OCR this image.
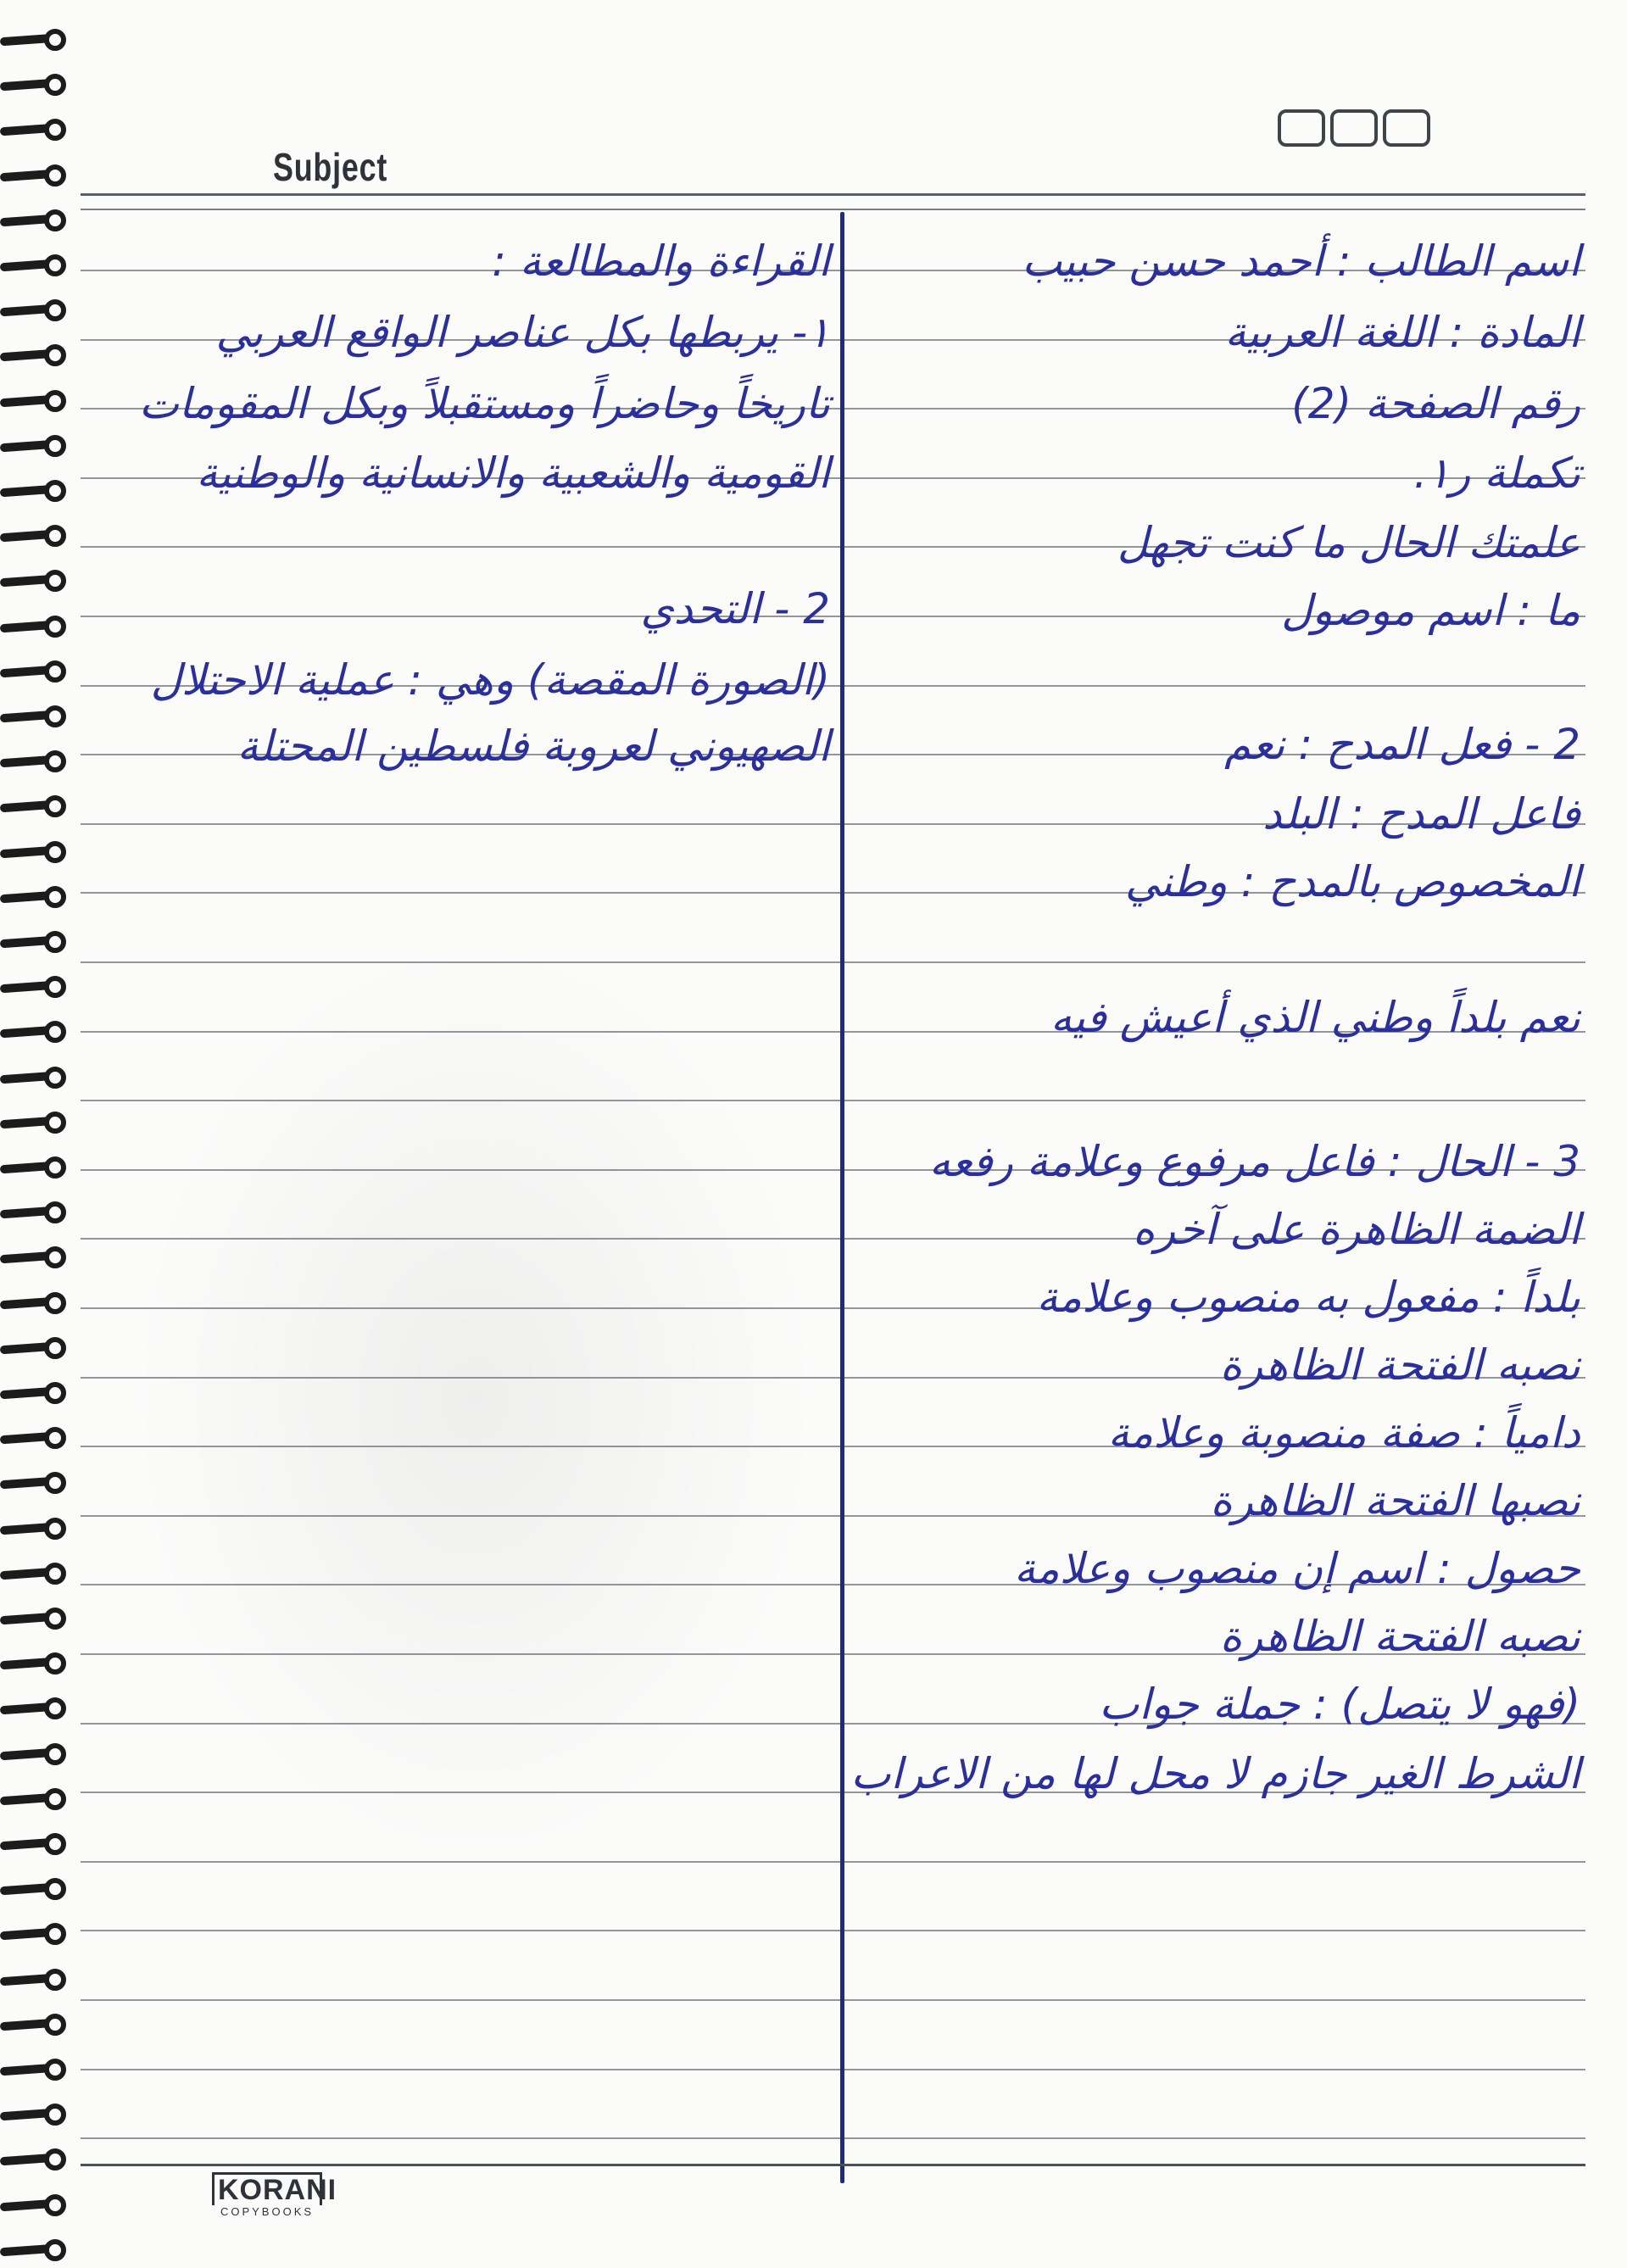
Subject
القراءة والمطالعة :
١- يربطها بكل عناصر الواقع العربي
تاريخاً وحاضراً ومستقبلاً وبكل المقومات
القومية والشعبية والانسانية والوطنية
2 - التحدي
(الصورة المقصة) وهي : عملية الاحتلال
الصهيوني لعروبة فلسطين المحتلة
اسم الطالب : أحمد حسن حبيب
المادة : اللغة العربية
رقم الصفحة (2)
تكملة ر١.
علمتك الحال ما كنت تجهل
ما : اسم موصول
2 - فعل المدح : نعم
فاعل المدح : البلد
المخصوص بالمدح : وطني
نعم بلداً وطني الذي أعيش فيه
3 - الحال : فاعل مرفوع وعلامة رفعه
الضمة الظاهرة على آخره
بلداً : مفعول به منصوب وعلامة
نصبه الفتحة الظاهرة
دامياً : صفة منصوبة وعلامة
نصبها الفتحة الظاهرة
حصول : اسم إن منصوب وعلامة
نصبه الفتحة الظاهرة
(فهو لا يتصل) : جملة جواب
الشرط الغير جازم لا محل لها من الاعراب
KORANI
COPYBOOKS
